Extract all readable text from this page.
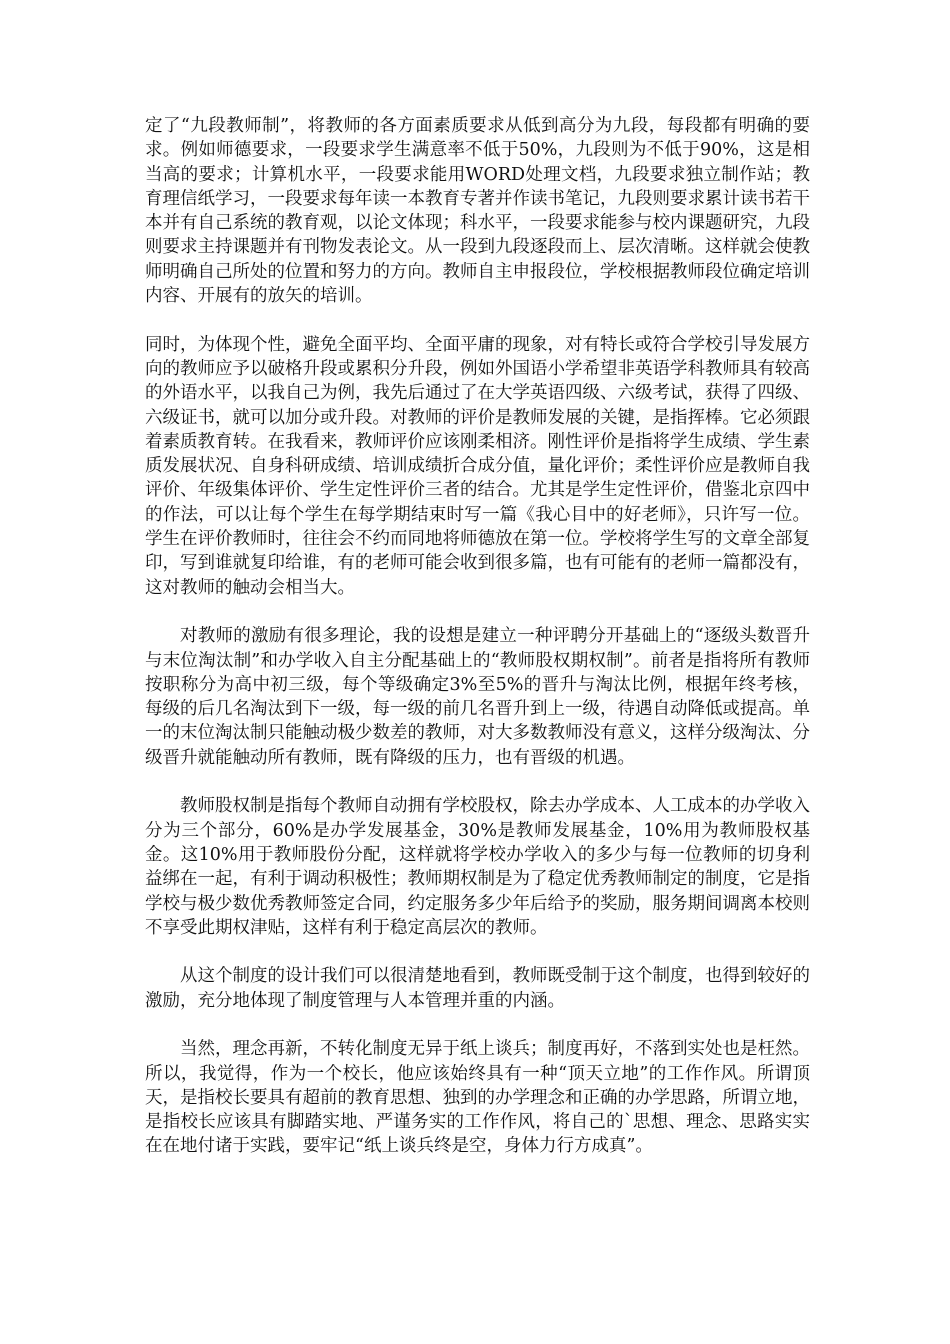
定了“九段教师制”，将教师的各方面素质要求从低到高分为九段，每段都有明确的要求。例如师德要求，一段要求学生满意率不低于50%，九段则为不低于90%，这是相当高的要求；计算机水平，一段要求能用WORD处理文档，九段要求独立制作站；教育理信纸学习，一段要求每年读一本教育专著并作读书笔记，九段则要求累计读书若干本并有自己系统的教育观，以论文体现；科水平，一段要求能参与校内课题研究，九段则要求主持课题并有刊物发表论文。从一段到九段逐段而上、层次清晰。这样就会使教师明确自己所处的位置和努力的方向。教师自主申报段位，学校根据教师段位确定培训内容、开展有的放矢的培训。

同时，为体现个性，避免全面平均、全面平庸的现象，对有特长或符合学校引导发展方向的教师应予以破格升段或累积分升段，例如外国语小学希望非英语学科教师具有较高的外语水平，以我自己为例，我先后通过了在大学英语四级、六级考试，获得了四级、六级证书，就可以加分或升段。对教师的评价是教师发展的关键，是指挥棒。它必须跟着素质教育转。在我看来，教师评价应该刚柔相济。刚性评价是指将学生成绩、学生素质发展状况、自身科研成绩、培训成绩折合成分值，量化评价；柔性评价应是教师自我评价、年级集体评价、学生定性评价三者的结合。尤其是学生定性评价，借鉴北京四中的作法，可以让每个学生在每学期结束时写一篇《我心目中的好老师》，只许写一位。学生在评价教师时，往往会不约而同地将师德放在第一位。学校将学生写的文章全部复印，写到谁就复印给谁，有的老师可能会收到很多篇，也有可能有的老师一篇都没有，这对教师的触动会相当大。

对教师的激励有很多理论，我的设想是建立一种评聘分开基础上的“逐级头数晋升与末位淘汰制”和办学收入自主分配基础上的“教师股权期权制”。前者是指将所有教师按职称分为高中初三级，每个等级确定3%至5%的晋升与淘汰比例，根据年终考核，每级的后几名淘汰到下一级，每一级的前几名晋升到上一级，待遇自动降低或提高。单一的末位淘汰制只能触动极少数差的教师，对大多数教师没有意义，这样分级淘汰、分级晋升就能触动所有教师，既有降级的压力，也有晋级的机遇。

教师股权制是指每个教师自动拥有学校股权，除去办学成本、人工成本的办学收入分为三个部分，60%是办学发展基金，30%是教师发展基金，10%用为教师股权基金。这10%用于教师股份分配，这样就将学校办学收入的多少与每一位教师的切身利益绑在一起，有利于调动积极性；教师期权制是为了稳定优秀教师制定的制度，它是指学校与极少数优秀教师签定合同，约定服务多少年后给予的奖励，服务期间调离本校则不享受此期权津贴，这样有利于稳定高层次的教师。

从这个制度的设计我们可以很清楚地看到，教师既受制于这个制度，也得到较好的激励，充分地体现了制度管理与人本管理并重的内涵。

当然，理念再新，不转化制度无异于纸上谈兵；制度再好，不落到实处也是枉然。所以，我觉得，作为一个校长，他应该始终具有一种“顶天立地”的工作作风。所谓顶天，是指校长要具有超前的教育思想、独到的办学理念和正确的办学思路，所谓立地，是指校长应该具有脚踏实地、严谨务实的工作作风，将自己的`思想、理念、思路实实在在地付诸于实践，要牢记“纸上谈兵终是空，身体力行方成真”。
